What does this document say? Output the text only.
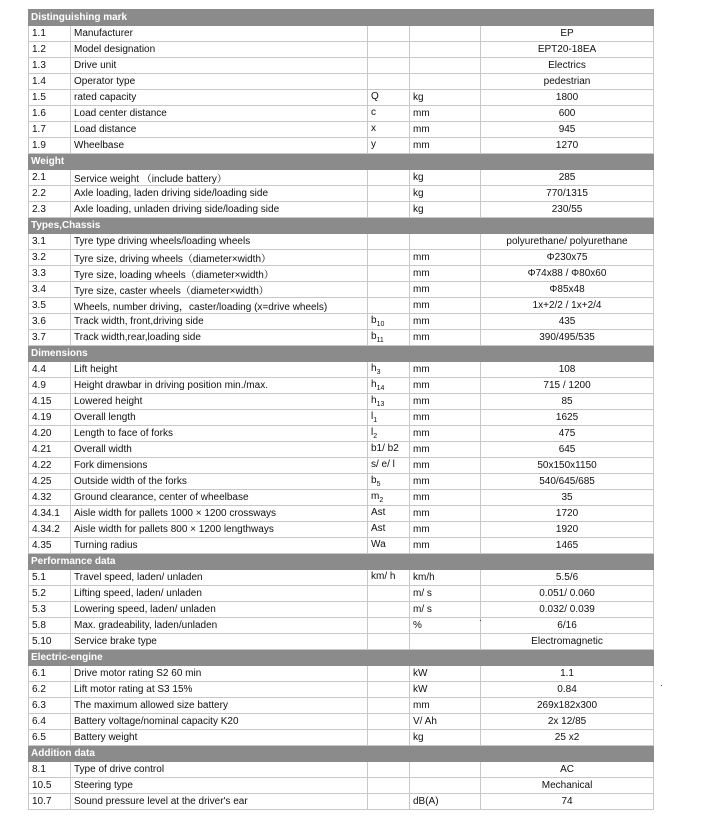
Distinguishing mark				
1.1	Manufacturer			EP
1.2	Model designation			EPT20-18EA
1.3	Drive unit			Electrics
1.4	Operator type			pedestrian
1.5	rated capacity	Q	kg	1800
1.6	Load center distance	c	mm	600
1.7	Load distance	x	mm	945
1.9	Wheelbase	y	mm	1270
Weight				
2.1	Service weight （include battery）		kg	285
2.2	Axle loading, laden driving side/loading side		kg	770/1315
2.3	Axle loading, unladen driving side/loading side		kg	230/55
Types,Chassis				
3.1	Tyre type driving wheels/loading wheels			polyurethane/ polyurethane
3.2	Tyre size, driving wheels（diameter×width）		mm	Φ230x75
3.3	Tyre size, loading wheels（diameter×width）		mm	Φ74x88 / Φ80x60
3.4	Tyre size, caster wheels（diameter×width）		mm	Φ85x48
3.5	Wheels, number driving，caster/loading (x=drive wheels)		mm	1x+2/2 / 1x+2/4
3.6	Track width, front,driving side	$b_{10}$	mm	435
3.7	Track width,rear,loading side	$b_{11}$	mm	390/495/535
Dimensions				
4.4	Lift height	$h_3$	mm	108
4.9	Height drawbar in driving position min./max.	$h_{14}$	mm	715 / 1200
4.15	Lowered height	$h_{13}$	mm	85
4.19	Overall length	$l_1$	mm	1625
4.20	Length to face of forks	$l_2$	mm	475
4.21	Overall width	b1/ b2	mm	645
4.22	Fork dimensions	s/ e/ l	mm	50x150x1150
4.25	Outside width of the forks	$b_5$	mm	540/645/685
4.32	Ground clearance, center of wheelbase	$m_2$	mm	35
4.34.1	Aisle width for pallets 1000 × 1200 crossways	Ast	mm	1720
4.34.2	Aisle width for pallets 800 × 1200 lengthways	Ast	mm	1920
4.35	Turning radius	Wa	mm	1465
Performance data				
5.1	Travel speed, laden/ unladen	km/ h	km/h	5.5/6
5.2	Lifting speed, laden/ unladen		m/ s	0.051/ 0.060
5.3	Lowering speed, laden/ unladen		m/ s	0.032/ 0.039
5.8	Max. gradeability, laden/unladen		%	6/16
5.10	Service brake type			Electromagnetic
Electric-engine				
6.1	Drive motor rating S2 60 min		kW	1.1
6.2	Lift motor rating at S3 15%		kW	0.84
6.3	The maximum allowed size battery		mm	269x182x300
6.4	Battery voltage/nominal capacity K20		V/ Ah	2x 12/85
6.5	Battery weight		kg	25 x2
Addition data				
8.1	Type of drive control			AC
10.5	Steering type			Mechanical
10.7	Sound pressure level at the driver's ear		dB(A)	74
.
.
